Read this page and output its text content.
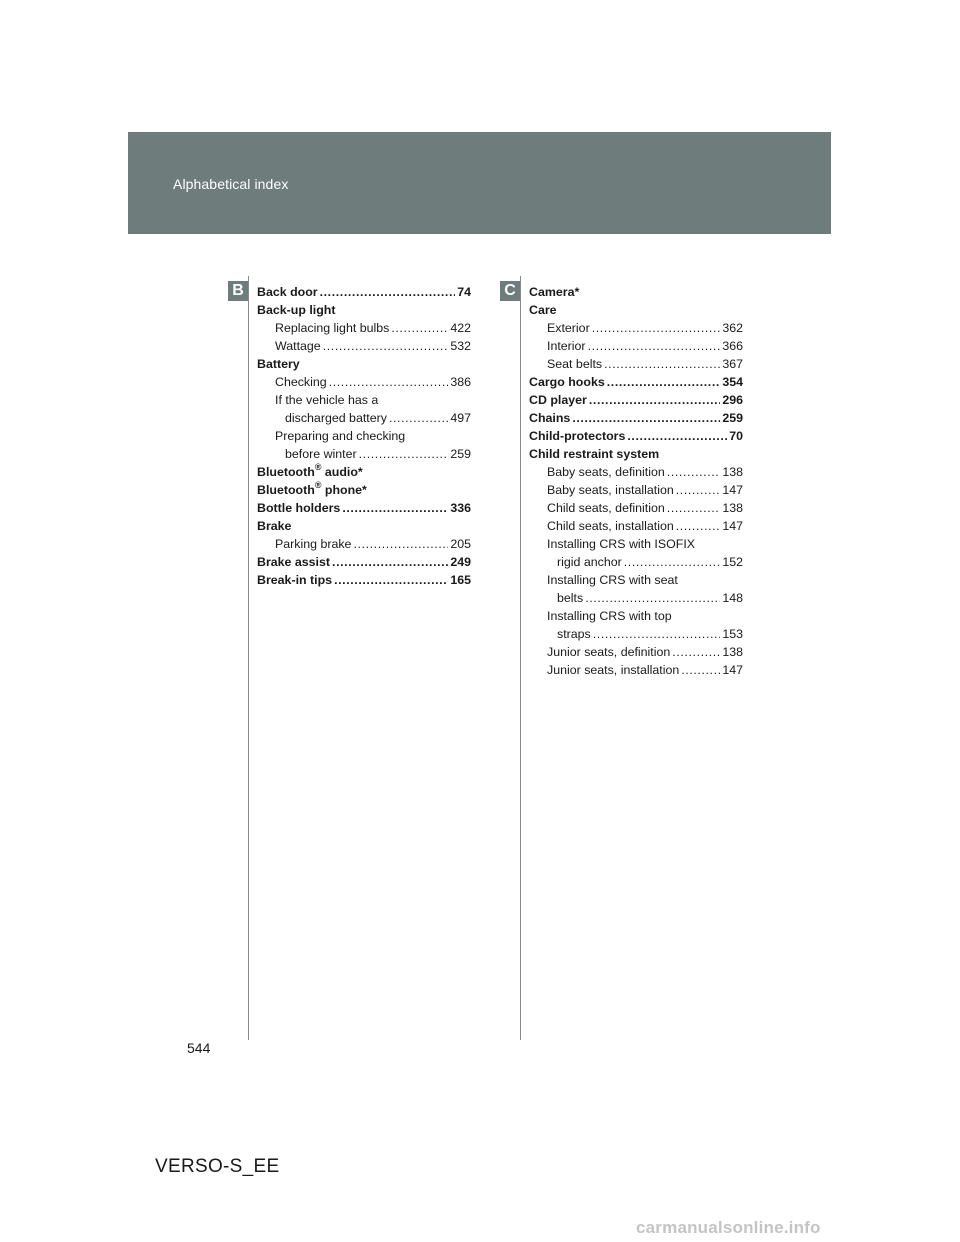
Alphabetical index
B	C
Back door .....	74
Back-up light
Replacing light bulbs .....	422
Wattage .....	532
Battery
Checking .....	386
If the vehicle has a
discharged battery .....	497
Preparing and checking
before winter .....	259
Bluetooth® audio*
Bluetooth® phone*
Bottle holders .....	336
Brake
Parking brake .....	205
Brake assist .....	249
Break-in tips .....	165
Camera*
Care
Exterior .....	362
Interior .....	366
Seat belts .....	367
Cargo hooks .....	354
CD player .....	296
Chains .....	259
Child-protectors .....	70
Child restraint system
Baby seats, definition .....	138
Baby seats, installation .....	147
Child seats, definition .....	138
Child seats, installation .....	147
Installing CRS with ISOFIX
rigid anchor .....	152
Installing CRS with seat
belts .....	148
Installing CRS with top
straps .....	153
Junior seats, definition .....	138
Junior seats, installation .....	147
544
VERSO-S_EE
carmanualsonline.info
